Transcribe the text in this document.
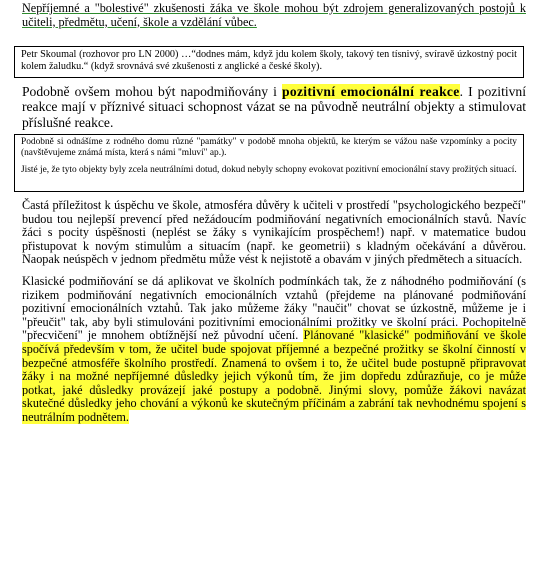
Nepříjemné a "bolestivé" zkušenosti žáka ve škole mohou být zdrojem generalizovaných postojů k učiteli, předmětu, učení, škole a vzdělání vůbec.

Petr Skoumal (rozhovor pro LN 2000) …“dodnes mám, když jdu kolem školy, takový ten tísnivý, svíravě úzkostný pocit kolem žaludku.“ (když srovnává své zkušenosti z anglické a české školy).

Podobně ovšem mohou být napodmiňovány i pozitivní emocionální reakce. I pozitivní reakce mají v příznivé situaci schopnost vázat se na původně neutrální objekty a stimulovat příslušné reakce.

Podobně si odnášíme z rodného domu různé "památky" v podobě mnoha objektů, ke kterým se vážou naše vzpomínky a pocity (navštěvujeme známá místa, která s námi "mluví" ap.).

Jisté je, že tyto objekty byly zcela neutrálními dotud, dokud nebyly schopny evokovat pozitivní emocionální stavy prožitých situací.

Častá příležitost k úspěchu ve škole, atmosféra důvěry k učiteli v prostředí "psychologického bezpečí" budou tou nejlepší prevencí před nežádoucím podmiňování negativních emocionálních stavů. Navíc žáci s pocity úspěšnosti (neplést se žáky s vynikajícím prospěchem!) např. v matematice budou přistupovat k novým stimulům a situacím (např. ke geometrii) s kladným očekávání a důvěrou. Naopak neúspěch v jednom předmětu může vést k nejistotě a obavám v jiných předmětech a situacích.

Klasické podmiňování se dá aplikovat ve školních podmínkách tak, že z náhodného podmiňování (s rizikem podmiňování negativních emocionálních vztahů (přejdeme na plánované podmiňování pozitivní emocionálních vztahů. Tak jako můžeme žáky "naučit" chovat se úzkostně, můžeme je i "přeučit" tak, aby byli stimulováni pozitivními emocionálními prožitky ve školní práci. Pochopitelně "přecvičení" je mnohem obtížnější než původní učení. Plánované "klasické" podmiňování ve škole spočívá především v tom, že učitel bude spojovat příjemné a bezpečné prožitky se školní činností v bezpečné atmosféře školního prostředí. Znamená to ovšem i to, že učitel bude postupně připravovat žáky i na možné nepříjemné důsledky jejich výkonů tím, že jim dopředu zdůrazňuje, co je může potkat, jaké důsledky provázejí jaké postupy a podobně. Jinými slovy, pomůže žákovi navázat skutečné důsledky jeho chování a výkonů ke skutečným příčinám a zabrání tak nevhodnému spojení s neutrálním podnětem.
